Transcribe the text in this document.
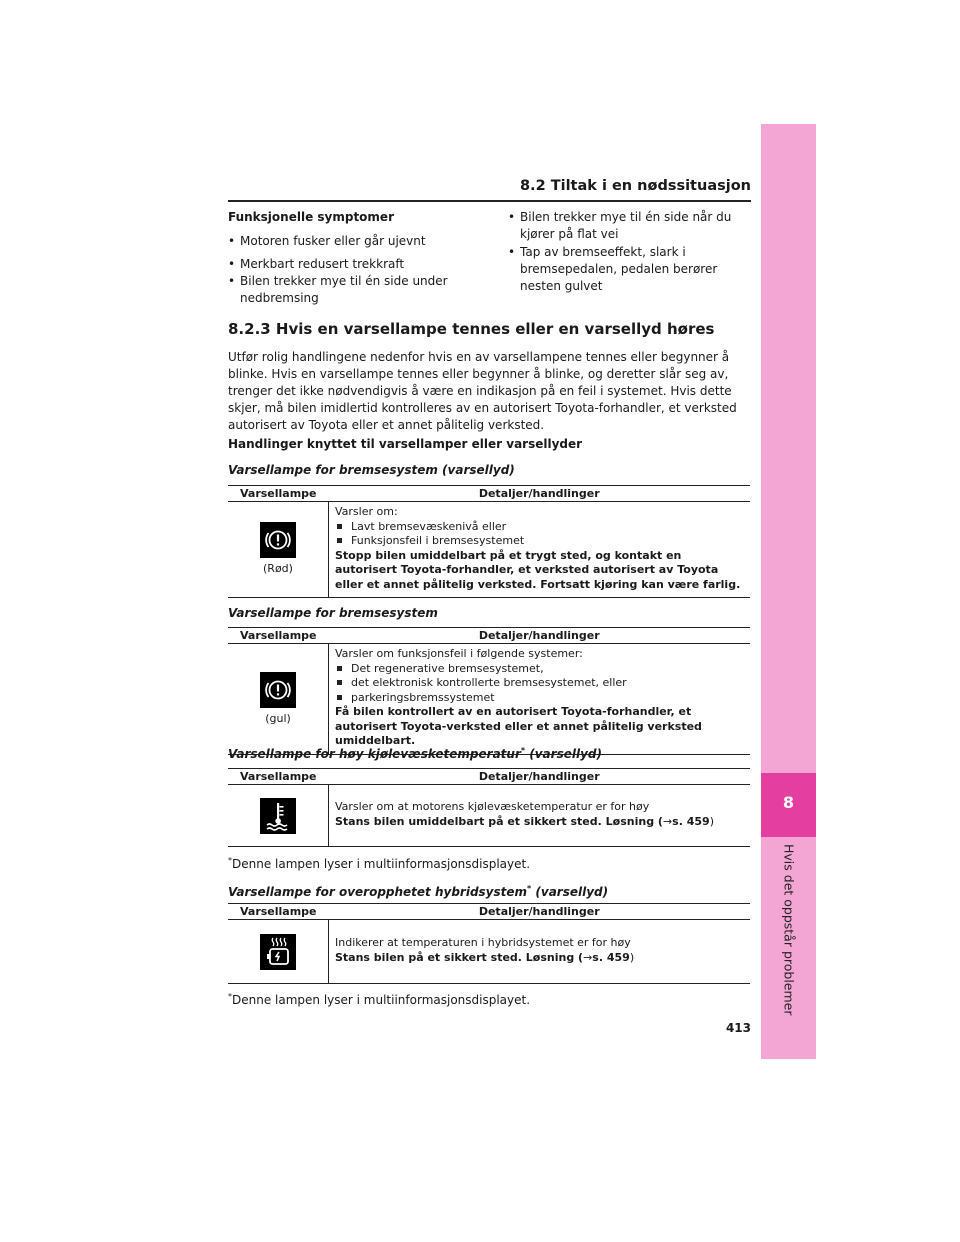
8
Hvis det oppstår problemer
8.2 Tiltak i en nødssituasjon
Funksjonelle symptomer
• Motoren fusker eller går ujevnt
• Merkbart redusert trekkraft
• Bilen trekker mye til én side under nedbremsing
• Bilen trekker mye til én side når du kjører på flat vei
• Tap av bremseeffekt, slark i bremsepedalen, pedalen berører nesten gulvet
8.2.3 Hvis en varsellampe tennes eller en varsellyd høres
Utfør rolig handlingene nedenfor hvis en av varsellampene tennes eller begynner å blinke. Hvis en varsellampe tennes eller begynner å blinke, og deretter slår seg av, trenger det ikke nødvendigvis å være en indikasjon på en feil i systemet. Hvis dette skjer, må bilen imidlertid kontrolleres av en autorisert Toyota-forhandler, et verksted autorisert av Toyota eller et annet pålitelig verksted.
Handlinger knyttet til varsellamper eller varsellyder
Varsellampe for bremsesystem (varsellyd)
Varsellampe	Detaljer/handlinger

(Rød)	Varsler om:
Lavt bremsevæskenivå eller
Funksjonsfeil i bremsesystemet
Stopp bilen umiddelbart på et trygt sted, og kontakt en autorisert Toyota-forhandler, et verksted autorisert av Toyota eller et annet pålitelig verksted. Fortsatt kjøring kan være farlig.
Varsellampe for bremsesystem
Varsellampe	Detaljer/handlinger

(gul)	Varsler om funksjonsfeil i følgende systemer:
Det regenerative bremsesystemet,
det elektronisk kontrollerte bremsesystemet, eller
parkeringsbremssystemet
Få bilen kontrollert av en autorisert Toyota-forhandler, et autorisert Toyota-verksted eller et annet pålitelig verksted umiddelbart.
Varsellampe for høy kjølevæsketemperatur* (varsellyd)
Varsellampe	Detaljer/handlinger

Varsler om at motorens kjølevæsketemperatur er for høy
Stans bilen umiddelbart på et sikkert sted. Løsning (→s. 459)
*Denne lampen lyser i multiinformasjonsdisplayet.
Varsellampe for overopphetet hybridsystem* (varsellyd)
Varsellampe	Detaljer/handlinger

Indikerer at temperaturen i hybridsystemet er for høy
Stans bilen på et sikkert sted. Løsning (→s. 459)
*Denne lampen lyser i multiinformasjonsdisplayet.
413
